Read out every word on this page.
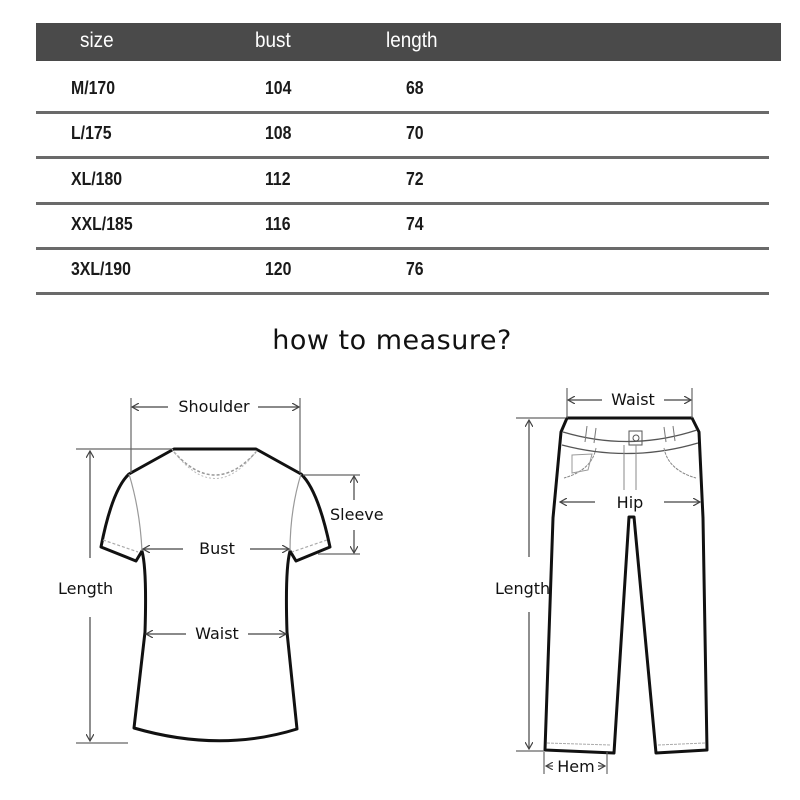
size	bust	length
M/170	104	68
L/175	108	70
XL/180	112	72
XXL/185	116	74
3XL/190	120	76
how to measure?
Shoulder
Sleeve
Bust
Waist
Length
Waist
Hip
Length
Hem
